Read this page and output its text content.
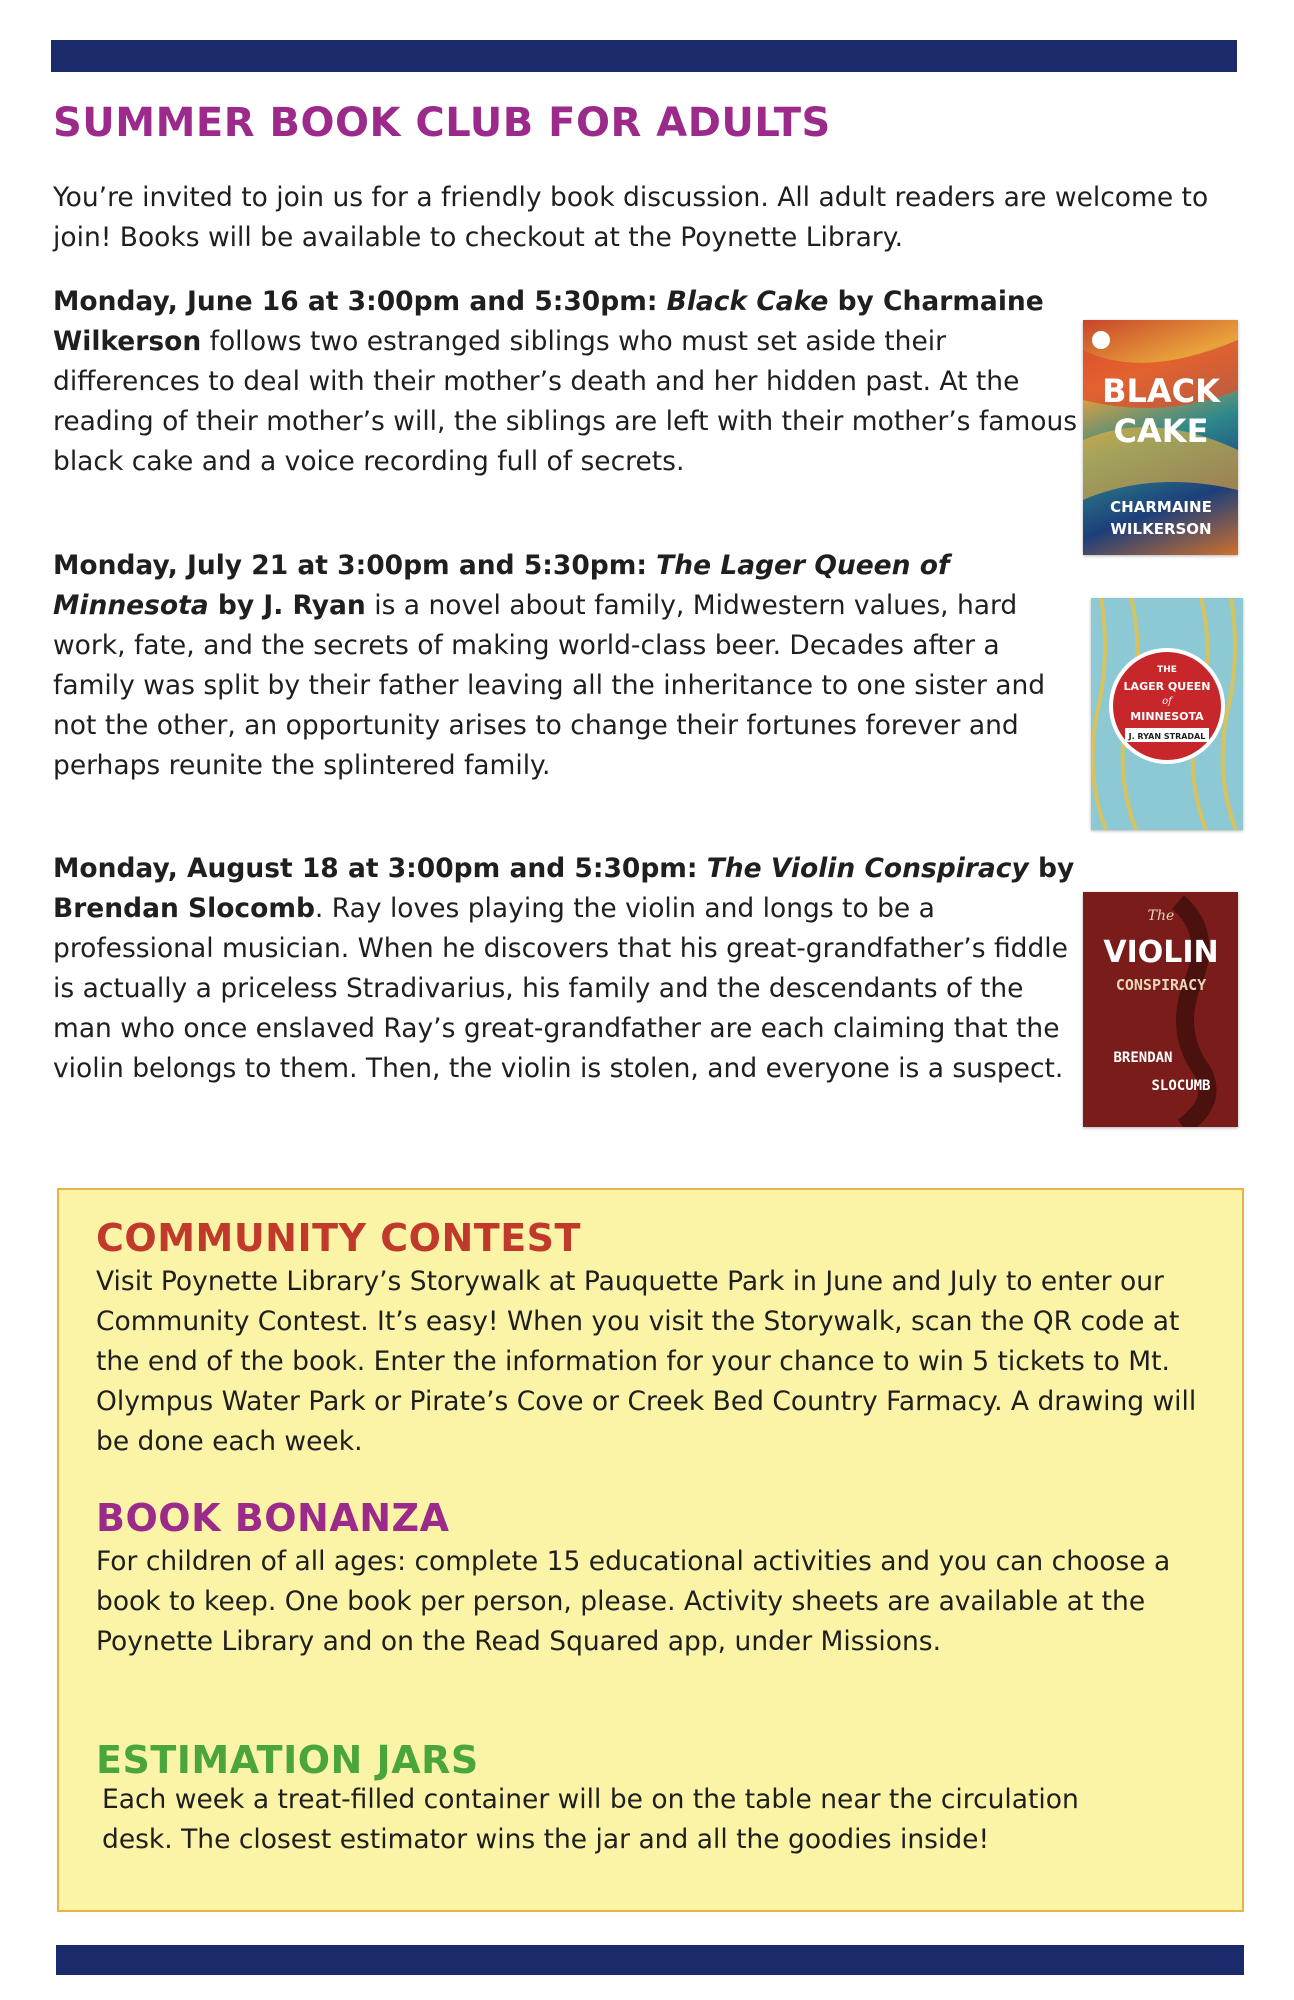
SUMMER BOOK CLUB FOR ADULTS

You’re invited to join us for a friendly book discussion. All adult readers are welcome to join! Books will be available to checkout at the Poynette Library.

Monday, June 16 at 3:00pm and 5:30pm: Black Cake by Charmaine Wilkerson follows two estranged siblings who must set aside their differences to deal with their mother’s death and her hidden past. At the reading of their mother’s will, the siblings are left with their mother’s famous black cake and a voice recording full of secrets.

BLACK
CAKE
CHARMAINE
WILKERSON

Monday, July 21 at 3:00pm and 5:30pm: The Lager Queen of Minnesota by J. Ryan is a novel about family, Midwestern values, hard work, fate, and the secrets of making world-class beer. Decades after a family was split by their father leaving all the inheritance to one sister and not the other, an opportunity arises to change their fortunes forever and perhaps reunite the splintered family.

THE
LAGER QUEEN
of
MINNESOTA
J. RYAN STRADAL

Monday, August 18 at 3:00pm and 5:30pm: The Violin Conspiracy by Brendan Slocomb. Ray loves playing the violin and longs to be a professional musician. When he discovers that his great-grandfather’s fiddle is actually a priceless Stradivarius, his family and the descendants of the man who once enslaved Ray’s great-grandfather are each claiming that the violin belongs to them. Then, the violin is stolen, and everyone is a suspect.

The
VIOLIN
CONSPIRACY
BRENDAN
SLOCUMB
COMMUNITY CONTEST

Visit Poynette Library’s Storywalk at Pauquette Park in June and July to enter our Community Contest. It’s easy! When you visit the Storywalk, scan the QR code at the end of the book. Enter the information for your chance to win 5 tickets to Mt. Olympus Water Park or Pirate’s Cove or Creek Bed Country Farmacy. A drawing will be done each week.

BOOK BONANZA

For children of all ages: complete 15 educational activities and you can choose a book to keep. One book per person, please. Activity sheets are available at the Poynette Library and on the Read Squared app, under Missions.

ESTIMATION JARS

Each week a treat-filled container will be on the table near the circulation desk. The closest estimator wins the jar and all the goodies inside!
